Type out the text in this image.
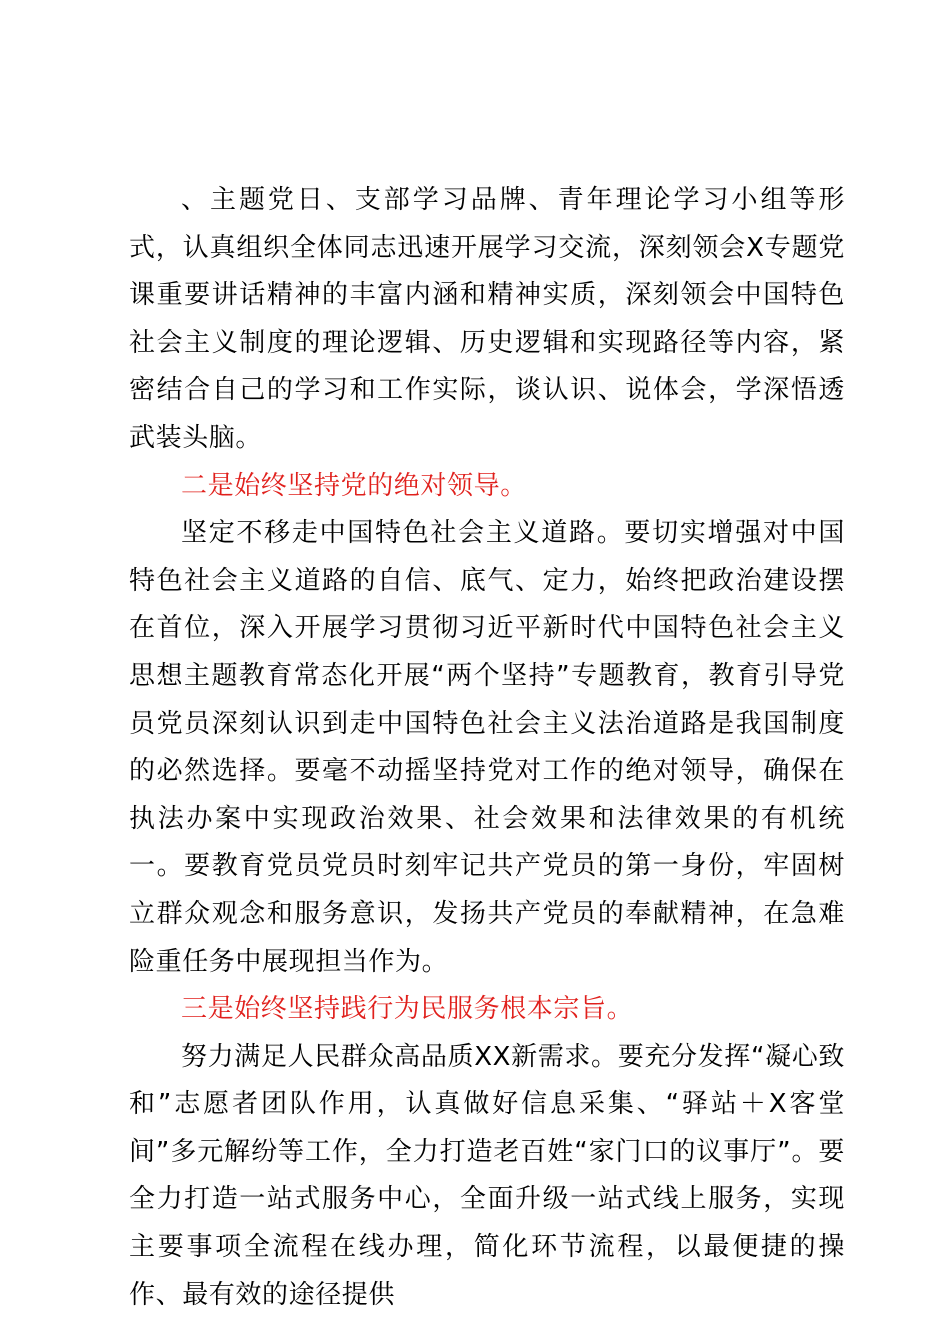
、主题党日、支部学习品牌、青年理论学习小组等形式，认真组织全体同志迅速开展学习交流，深刻领会X专题党课重要讲话精神的丰富内涵和精神实质，深刻领会中国特色社会主义制度的理论逻辑、历史逻辑和实现路径等内容，紧密结合自己的学习和工作实际，谈认识、说体会，学深悟透武装头脑。

二是始终坚持党的绝对领导。

坚定不移走中国特色社会主义道路。要切实增强对中国特色社会主义道路的自信、底气、定力，始终把政治建设摆在首位，深入开展学习贯彻习近平新时代中国特色社会主义思想主题教育常态化开展“两个坚持”专题教育，教育引导党员党员深刻认识到走中国特色社会主义法治道路是我国制度的必然选择。要毫不动摇坚持党对工作的绝对领导，确保在执法办案中实现政治效果、社会效果和法律效果的有机统一。要教育党员党员时刻牢记共产党员的第一身份，牢固树立群众观念和服务意识，发扬共产党员的奉献精神，在急难险重任务中展现担当作为。

三是始终坚持践行为民服务根本宗旨。

努力满足人民群众高品质XX新需求。要充分发挥“凝心致和”志愿者团队作用，认真做好信息采集、“驿站＋X客堂间”多元解纷等工作，全力打造老百姓“家门口的议事厅”。要全力打造一站式服务中心，全面升级一站式线上服务，实现主要事项全流程在线办理，简化环节流程，以最便捷的操作、最有效的途径提供
